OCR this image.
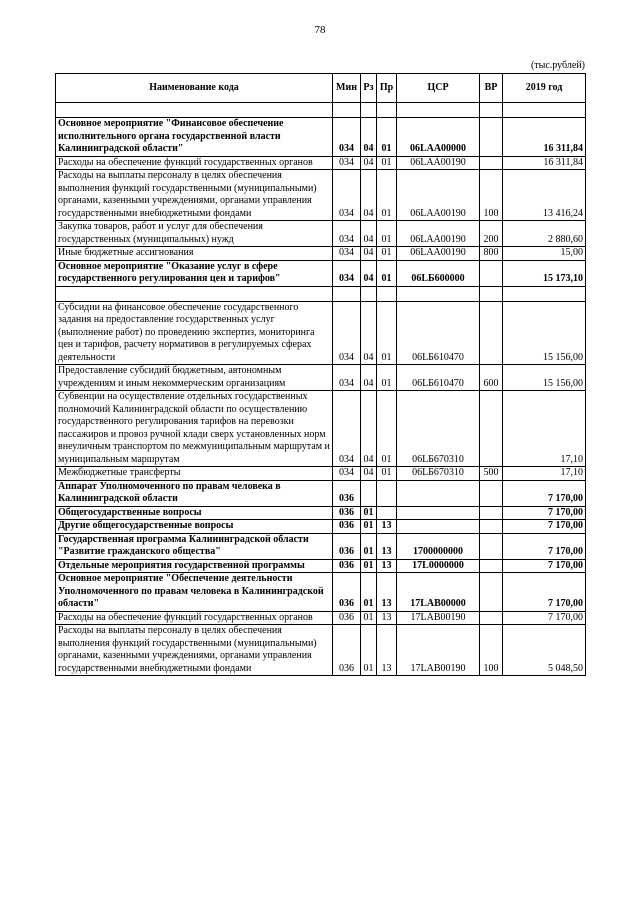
78
(тыс.рублей)
Наименование кода	Мин	Рз	Пр	ЦСР	ВР	2019 год

Основное мероприятие "Финансовое обеспечение исполнительного органа государственной власти Калининградской области"	034	04	01	06LAA00000		16 311,84
Расходы на обеспечение функций государственных органов	034	04	01	06LAA00190		16 311,84
Расходы на выплаты персоналу в целях обеспечения выполнения функций государственными (муниципальными) органами, казенными учреждениями, органами управления государственными внебюджетными фондами	034	04	01	06LAA00190	100	13 416,24
Закупка товаров, работ и услуг для обеспечения государственных (муниципальных) нужд	034	04	01	06LAA00190	200	2 880,60
Иные бюджетные ассигнования	034	04	01	06LAA00190	800	15,00
Основное мероприятие "Оказание услуг в сфере государственного регулирования цен и тарифов"	034	04	01	06LБ600000		15 173,10

Субсидии на финансовое обеспечение государственного задания на предоставление государственных услуг (выполнение работ) по проведению экспертиз, мониторинга цен и тарифов, расчету нормативов в регулируемых сферах деятельности	034	04	01	06LБ610470		15 156,00
Предоставление субсидий бюджетным, автономным учреждениям и иным некоммерческим организациям	034	04	01	06LБ610470	600	15 156,00
Субвенции на осуществление отдельных государственных полномочий Калининградской области по осуществлению государственного регулирования тарифов на перевозки пассажиров и провоз ручной клади сверх установленных норм внеуличным транспортом по межмуниципальным маршрутам и муниципальным маршрутам	034	04	01	06LБ670310		17,10
Межбюджетные трансферты	034	04	01	06LБ670310	500	17,10
Аппарат Уполномоченного по правам человека в Калининградской области	036					7 170,00
Общегосударственные вопросы	036	01				7 170,00
Другие общегосударственные вопросы	036	01	13			7 170,00
Государственная программа Калининградской области "Развитие гражданского общества"	036	01	13	1700000000		7 170,00
Отдельные мероприятия государственной программы	036	01	13	17L0000000		7 170,00
Основное мероприятие "Обеспечение деятельности Уполномоченного по правам человека в Калининградской области"	036	01	13	17LAB00000		7 170,00
Расходы на обеспечение функций государственных органов	036	01	13	17LAB00190		7 170,00
Расходы на выплаты персоналу в целях обеспечения выполнения функций государственными (муниципальными) органами, казенными учреждениями, органами управления государственными внебюджетными фондами	036	01	13	17LAB00190	100	5 048,50
